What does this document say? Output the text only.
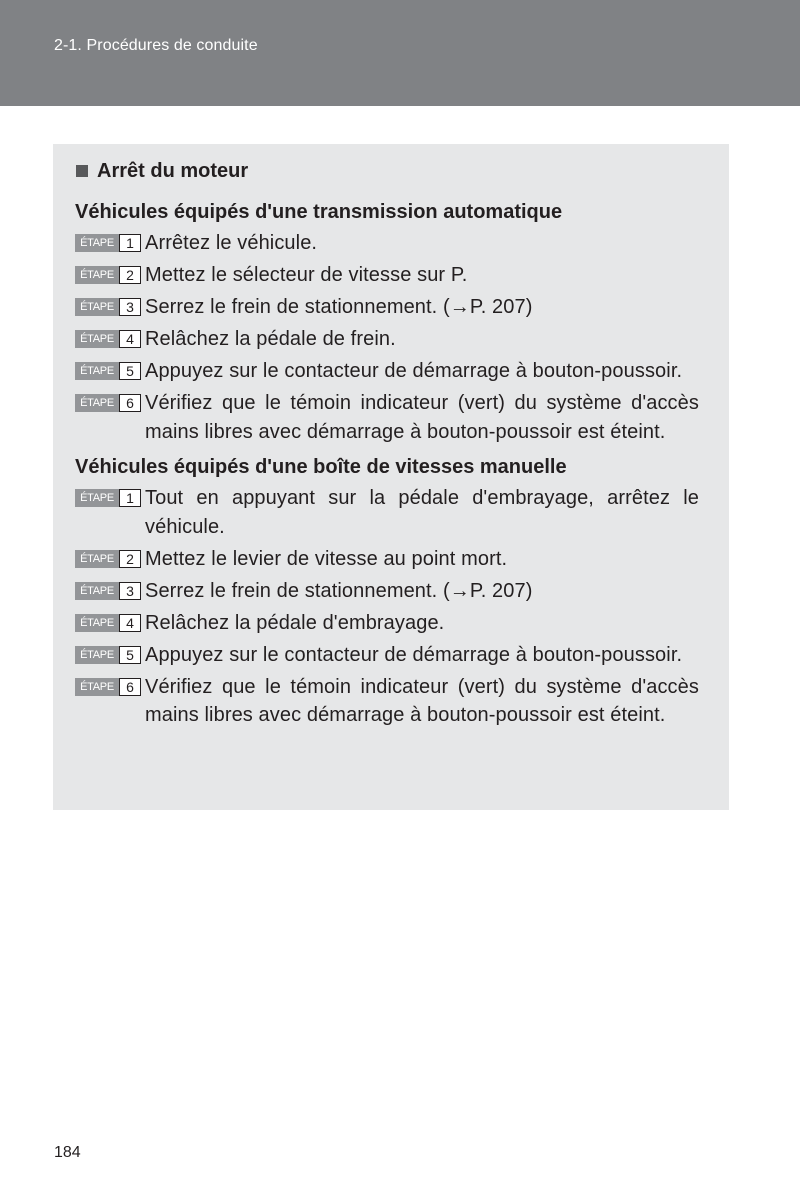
2-1. Procédures de conduite
Arrêt du moteur
Véhicules équipés d'une transmission automatique
ÉTAPE 1 Arrêtez le véhicule.
ÉTAPE 2 Mettez le sélecteur de vitesse sur P.
ÉTAPE 3 Serrez le frein de stationnement. (→P. 207)
ÉTAPE 4 Relâchez la pédale de frein.
ÉTAPE 5 Appuyez sur le contacteur de démarrage à bouton-poussoir.
ÉTAPE 6 Vérifiez que le témoin indicateur (vert) du système d'accès mains libres avec démarrage à bouton-poussoir est éteint.
Véhicules équipés d'une boîte de vitesses manuelle
ÉTAPE 1 Tout en appuyant sur la pédale d'embrayage, arrêtez le véhicule.
ÉTAPE 2 Mettez le levier de vitesse au point mort.
ÉTAPE 3 Serrez le frein de stationnement. (→P. 207)
ÉTAPE 4 Relâchez la pédale d'embrayage.
ÉTAPE 5 Appuyez sur le contacteur de démarrage à bouton-poussoir.
ÉTAPE 6 Vérifiez que le témoin indicateur (vert) du système d'accès mains libres avec démarrage à bouton-poussoir est éteint.
184
